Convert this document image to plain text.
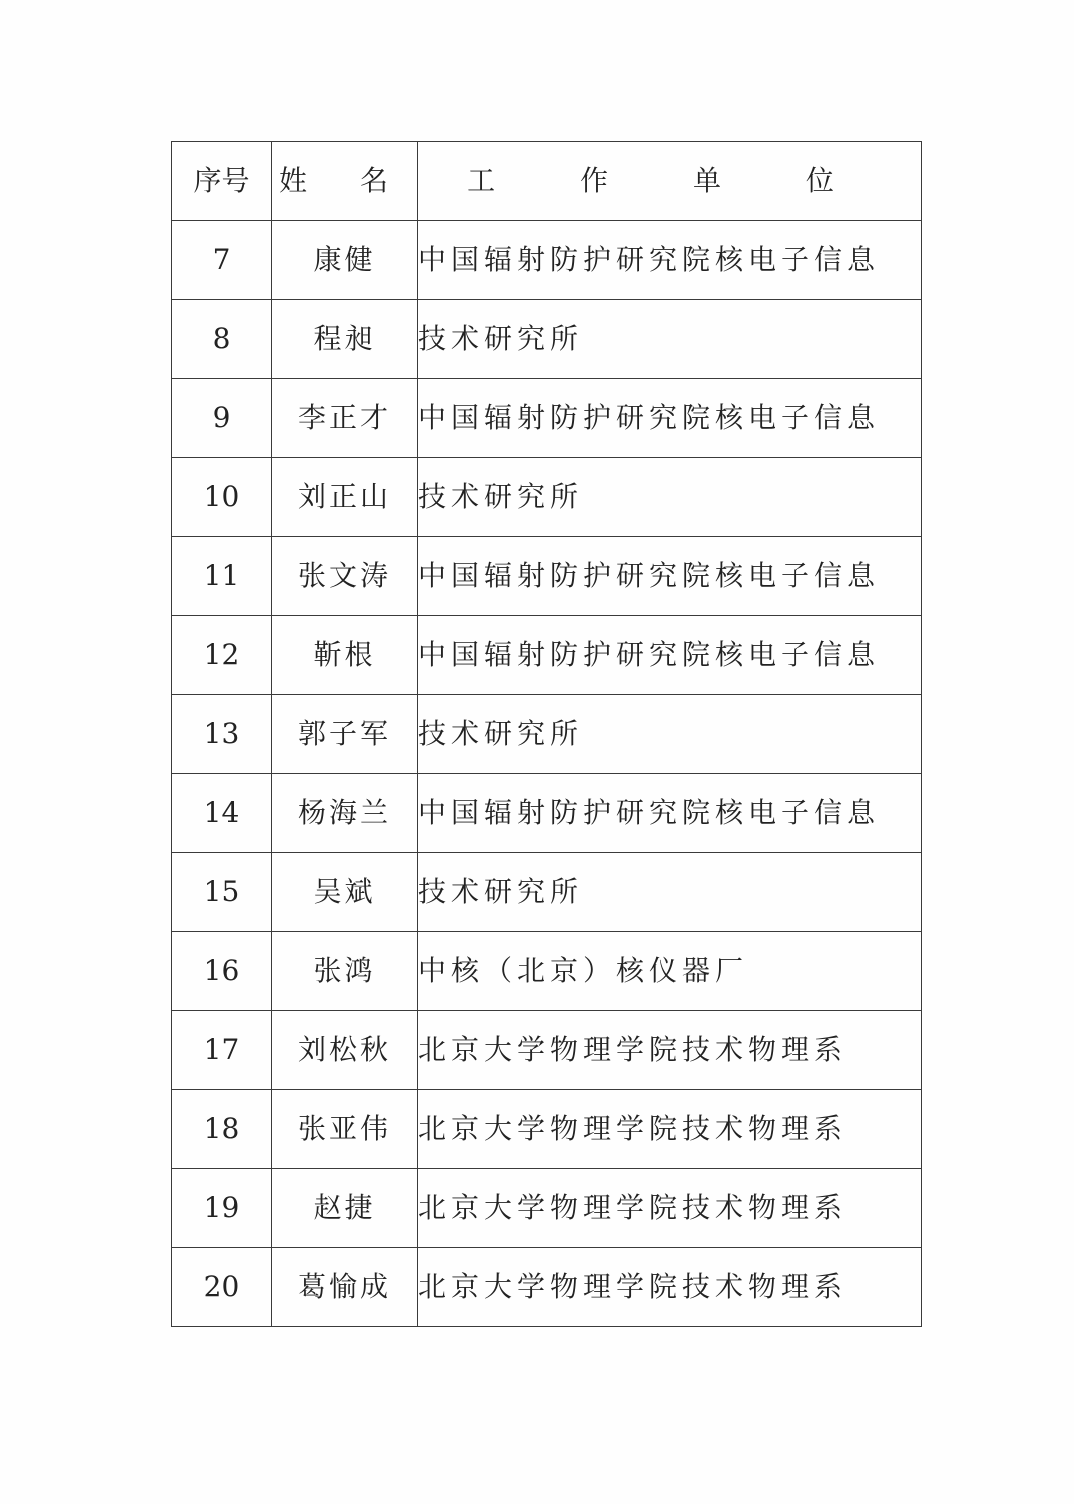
序号	姓 名	工 作 单 位
7	康健	中国辐射防护研究院核电子信息
8	程昶	技术研究所
9	李正才	中国辐射防护研究院核电子信息
10	刘正山	技术研究所
11	张文涛	中国辐射防护研究院核电子信息
12	靳根	中国辐射防护研究院核电子信息
13	郭子军	技术研究所
14	杨海兰	中国辐射防护研究院核电子信息
15	吴斌	技术研究所
16	张鸿	中核（北京）核仪器厂
17	刘松秋	北京大学物理学院技术物理系
18	张亚伟	北京大学物理学院技术物理系
19	赵捷	北京大学物理学院技术物理系
20	葛愉成	北京大学物理学院技术物理系
